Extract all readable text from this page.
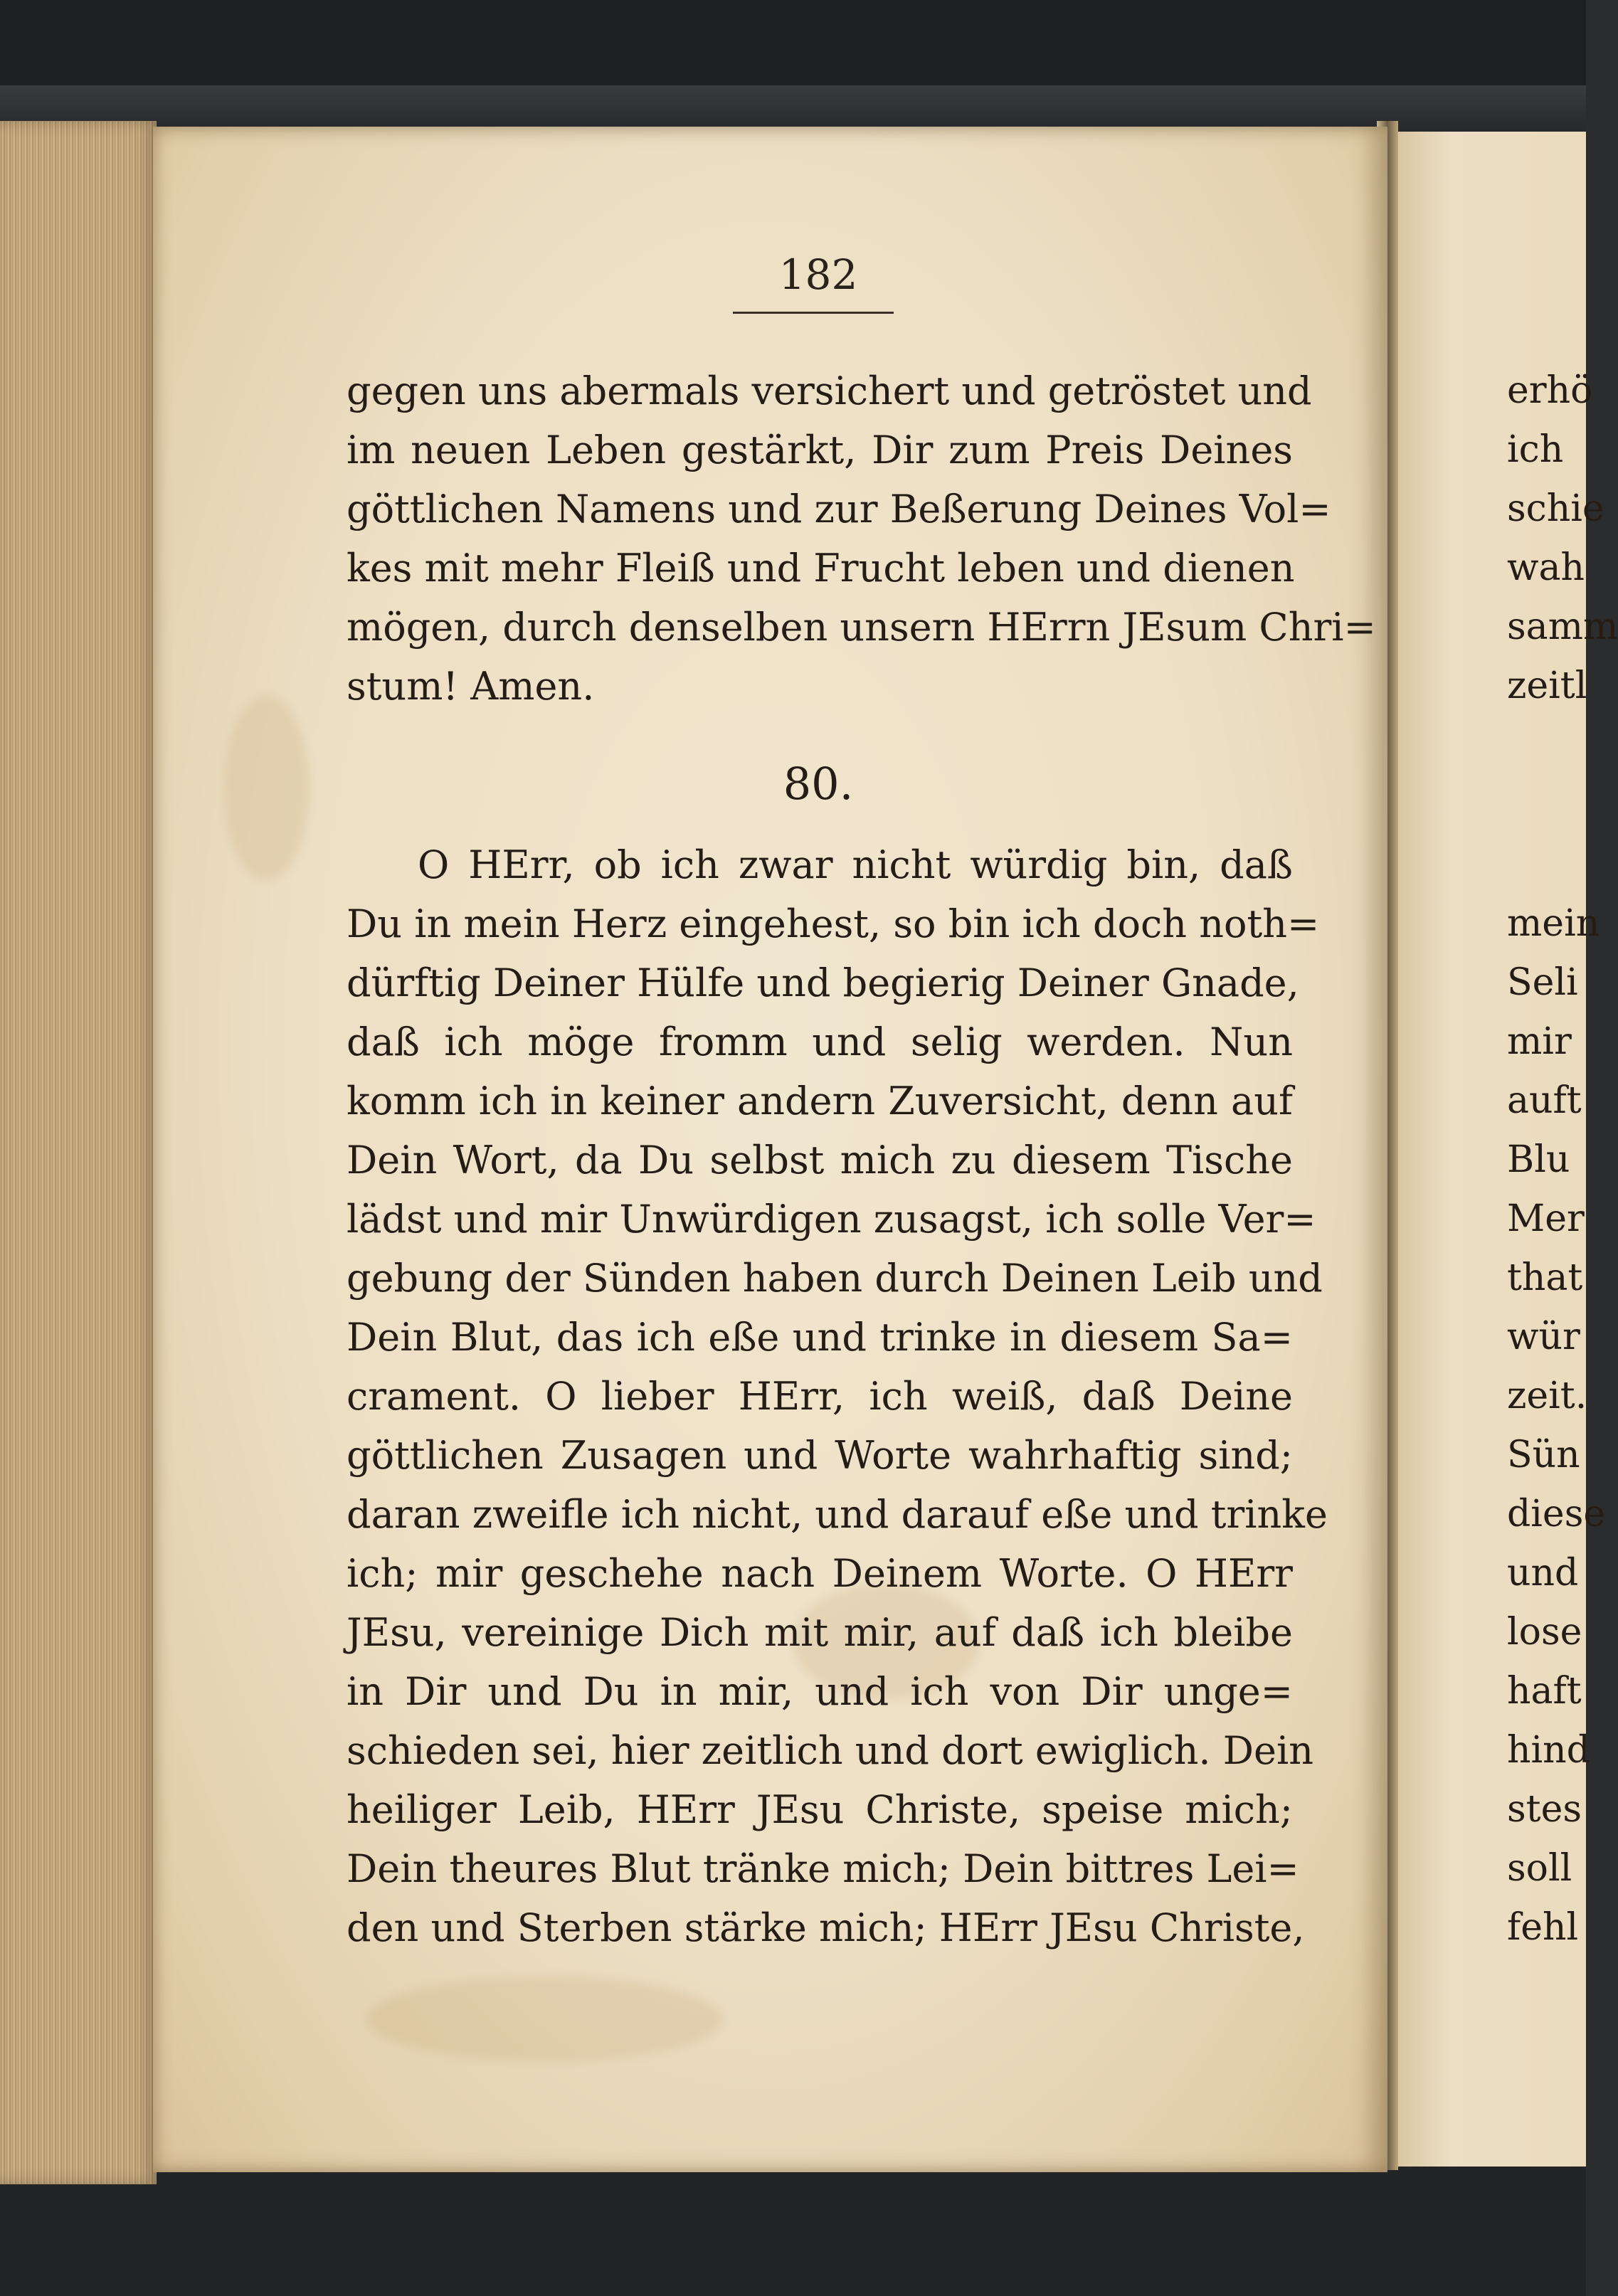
182
gegen uns abermals versichert und getröstet und
im neuen Leben gestärkt, Dir zum Preis Deines
göttlichen Namens und zur Beßerung Deines Vol=
kes mit mehr Fleiß und Frucht leben und dienen
mögen, durch denselben unsern HErrn JEsum Chri=
stum! Amen.
80.
O HErr, ob ich zwar nicht würdig bin, daß
Du in mein Herz eingehest, so bin ich doch noth=
dürftig Deiner Hülfe und begierig Deiner Gnade,
daß ich möge fromm und selig werden. Nun
komm ich in keiner andern Zuversicht, denn auf
Dein Wort, da Du selbst mich zu diesem Tische
lädst und mir Unwürdigen zusagst, ich solle Ver=
gebung der Sünden haben durch Deinen Leib und
Dein Blut, das ich eße und trinke in diesem Sa=
crament. O lieber HErr, ich weiß, daß Deine
göttlichen Zusagen und Worte wahrhaftig sind;
daran zweifle ich nicht, und darauf eße und trinke
ich; mir geschehe nach Deinem Worte. O HErr
JEsu, vereinige Dich mit mir, auf daß ich bleibe
in Dir und Du in mir, und ich von Dir unge=
schieden sei, hier zeitlich und dort ewiglich. Dein
heiliger Leib, HErr JEsu Christe, speise mich;
Dein theures Blut tränke mich; Dein bittres Lei=
den und Sterben stärke mich; HErr JEsu Christe,
erhö
ich
schie
wah
samm
zeitl
mein
Seli
mir
auft
Blu
Mer
that
wür
zeit.
Sün
diese
und
lose
haft
hind
stes
soll
fehl
